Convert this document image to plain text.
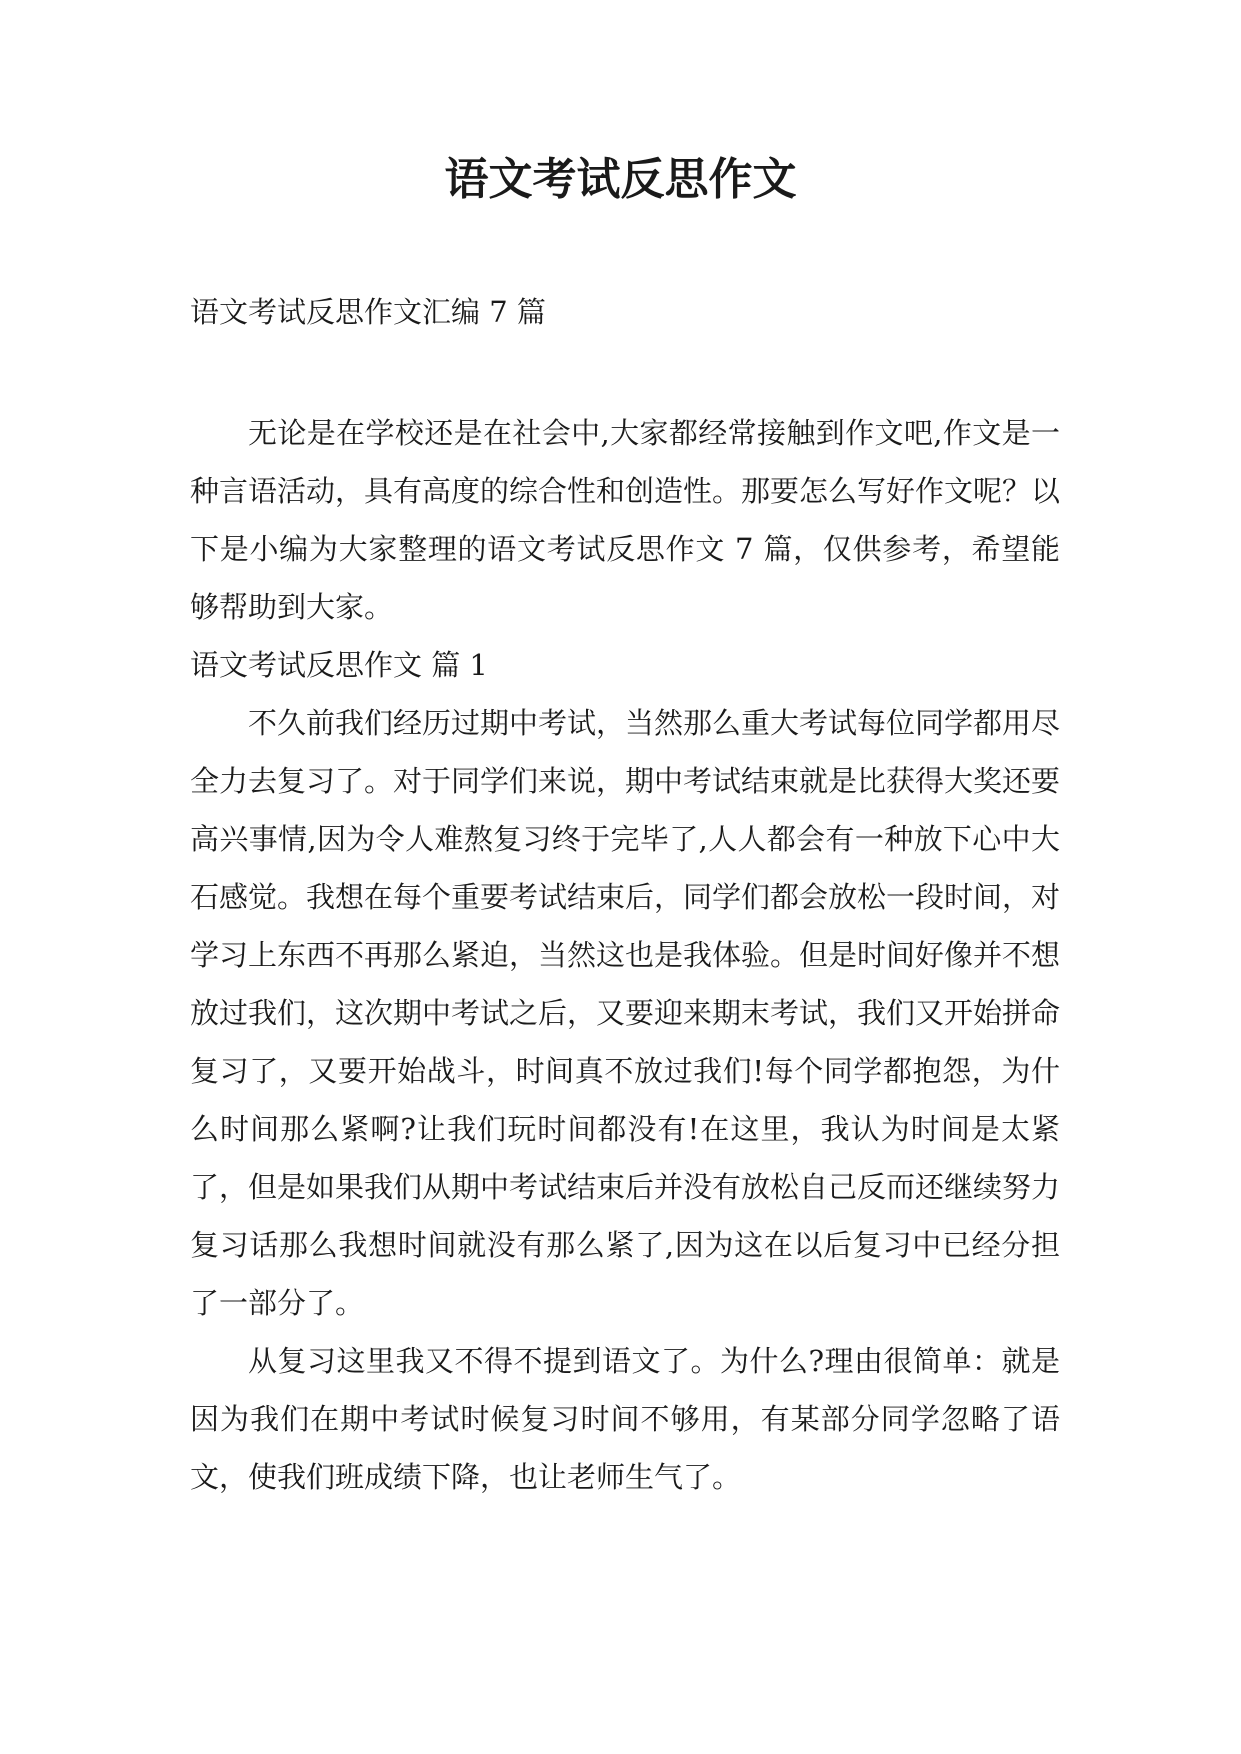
语文考试反思作文

语文考试反思作文汇编 7 篇

无论是在学校还是在社会中,大家都经常接触到作文吧,作文是一种言语活动，具有高度的综合性和创造性。那要怎么写好作文呢？以下是小编为大家整理的语文考试反思作文 7 篇，仅供参考，希望能够帮助到大家。

语文考试反思作文 篇 1

不久前我们经历过期中考试，当然那么重大考试每位同学都用尽全力去复习了。对于同学们来说，期中考试结束就是比获得大奖还要高兴事情,因为令人难熬复习终于完毕了,人人都会有一种放下心中大石感觉。我想在每个重要考试结束后，同学们都会放松一段时间，对学习上东西不再那么紧迫，当然这也是我体验。但是时间好像并不想放过我们，这次期中考试之后，又要迎来期末考试，我们又开始拼命复习了，又要开始战斗，时间真不放过我们!每个同学都抱怨，为什么时间那么紧啊?让我们玩时间都没有!在这里，我认为时间是太紧了，但是如果我们从期中考试结束后并没有放松自己反而还继续努力复习话那么我想时间就没有那么紧了,因为这在以后复习中已经分担了一部分了。

从复习这里我又不得不提到语文了。为什么?理由很简单：就是因为我们在期中考试时候复习时间不够用，有某部分同学忽略了语文，使我们班成绩下降，也让老师生气了。
